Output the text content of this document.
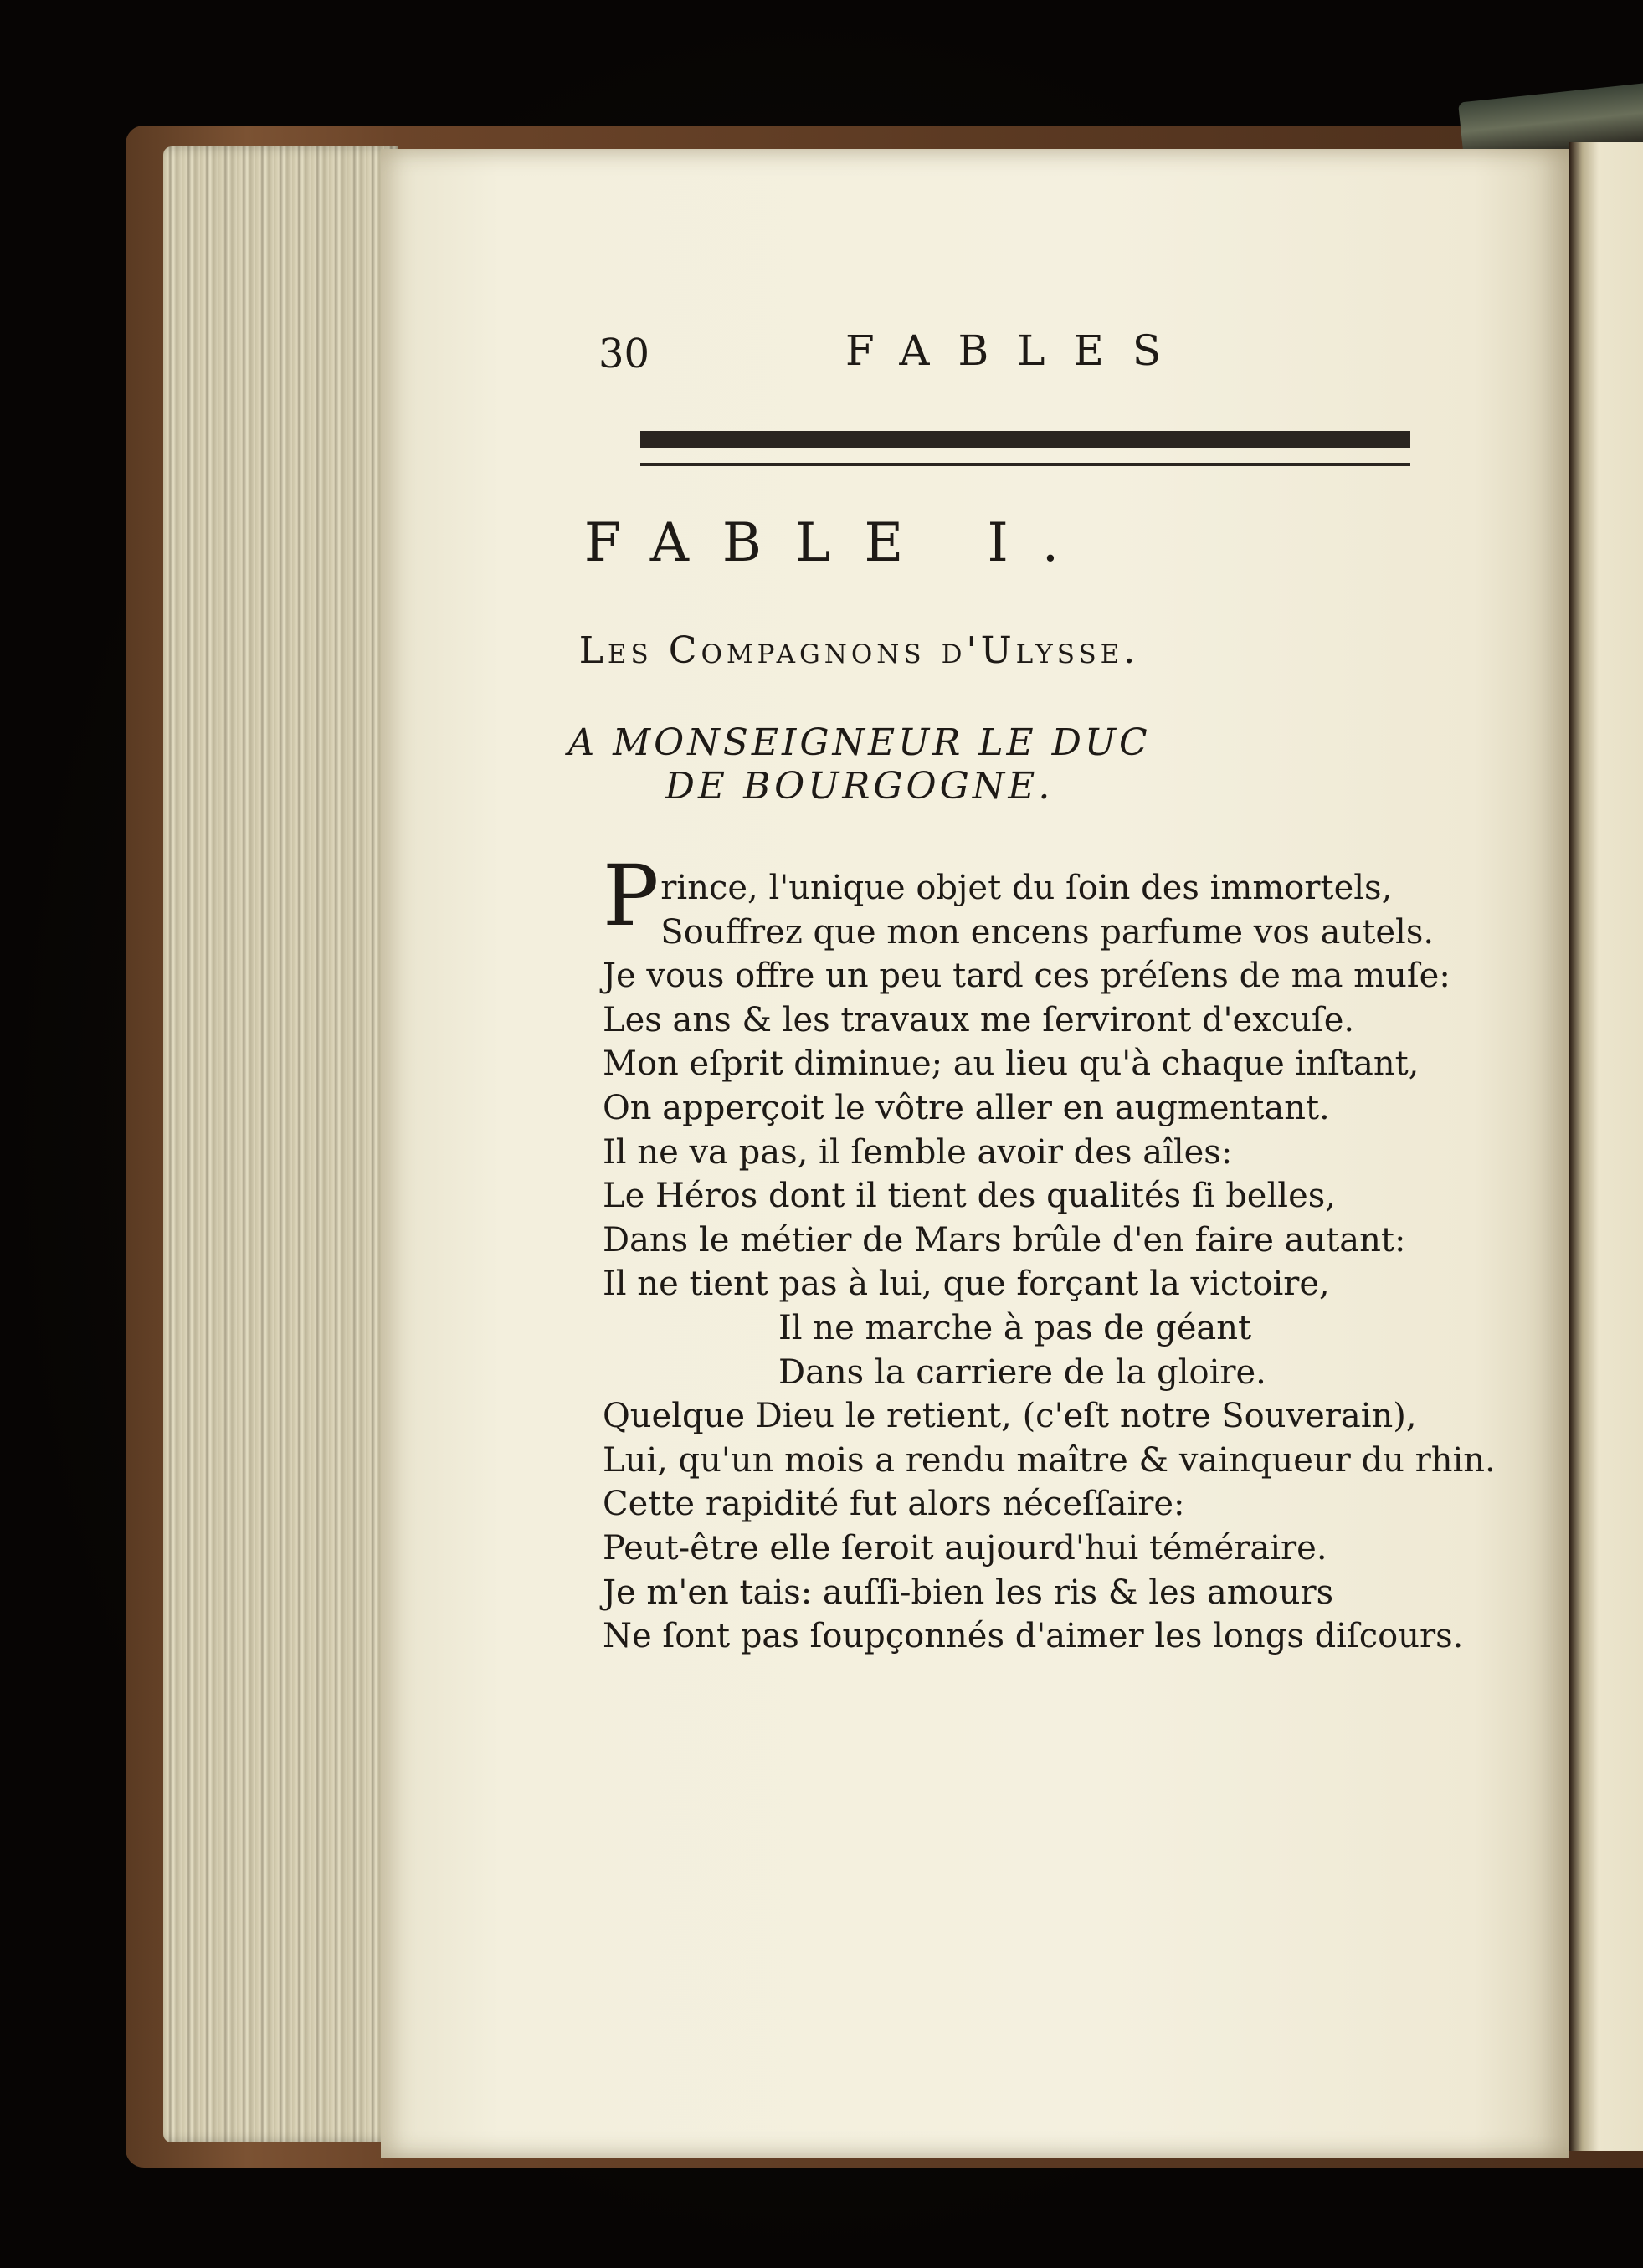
30	FABLES
FABLE I.
Les Compagnons d'Ulysse.
A MONSEIGNEUR LE DUC
DE BOURGOGNE.
Prince, l'unique objet du ſoin des immortels,
Souffrez que mon encens parfume vos autels.
Je vous offre un peu tard ces préſens de ma muſe:
Les ans & les travaux me ſerviront d'excuſe.
Mon eſprit diminue; au lieu qu'à chaque inſtant,
On apperçoit le vôtre aller en augmentant.
Il ne va pas, il ſemble avoir des aîles:
Le Héros dont il tient des qualités ſi belles,
Dans le métier de Mars brûle d'en faire autant:
Il ne tient pas à lui, que forçant la victoire,
Il ne marche à pas de géant
Dans la carriere de la gloire.
Quelque Dieu le retient, (c'eſt notre Souverain),
Lui, qu'un mois a rendu maître & vainqueur du rhin.
Cette rapidité fut alors néceſſaire:
Peut-être elle ſeroit aujourd'hui téméraire.
Je m'en tais: auſſi-bien les ris & les amours
Ne ſont pas ſoupçonnés d'aimer les longs diſcours.
